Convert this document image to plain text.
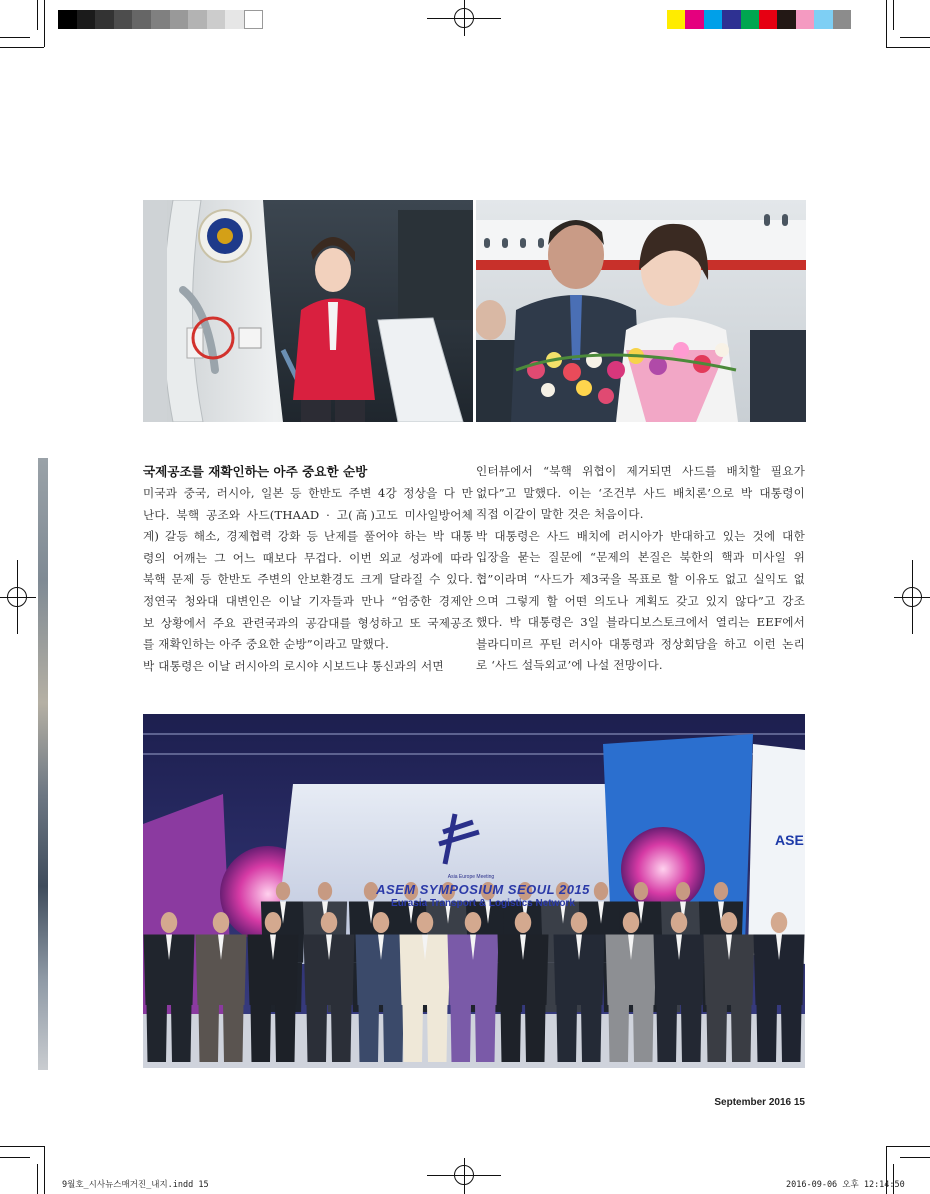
국제공조를 재확인하는 아주 중요한 순방

미국과 중국, 러시아, 일본 등 한반도 주변 4강 정상을 다 만

난다. 북핵 공조와 사드(THAAD · 고(高)고도 미사일방어체

계) 갈등 해소, 경제협력 강화 등 난제를 풀어야 하는 박 대통

령의 어깨는 그 어느 때보다 무겁다. 이번 외교 성과에 따라

북핵 문제 등 한반도 주변의 안보환경도 크게 달라질 수 있다.

정연국 청와대 대변인은 이날 기자들과 만나 “엄중한 경제안

보 상황에서 주요 관련국과의 공감대를 형성하고 또 국제공조

를 재확인하는 아주 중요한 순방”이라고 말했다.

박 대통령은 이날 러시아의 로시야 시보드냐 통신과의 서면

인터뷰에서 “북핵 위협이 제거되면 사드를 배치할 필요가

없다”고 말했다. 이는 ‘조건부 사드 배치론’으로 박 대통령이

직접 이같이 말한 것은 처음이다.

박 대통령은 사드 배치에 러시아가 반대하고 있는 것에 대한

입장을 묻는 질문에 “문제의 본질은 북한의 핵과 미사일 위

협”이라며 “사드가 제3국을 목표로 할 이유도 없고 실익도 없

으며 그렇게 할 어떤 의도나 계획도 갖고 있지 않다”고 강조

했다. 박 대통령은 3일 블라디보스토크에서 열리는 EEF에서

블라디미르 푸틴 러시아 대통령과 정상회담을 하고 이런 논리

로 ‘사드 설득외교’에 나설 전망이다.

Asia Europe Meeting
ASEM SYMPOSIUM SEOUL 2015
Eurasia Transport & Logistics Network
ASE
September 2016 15
9월호_시사뉴스매거진_내지.indd 15	2016-09-06 오후 12:14:50
